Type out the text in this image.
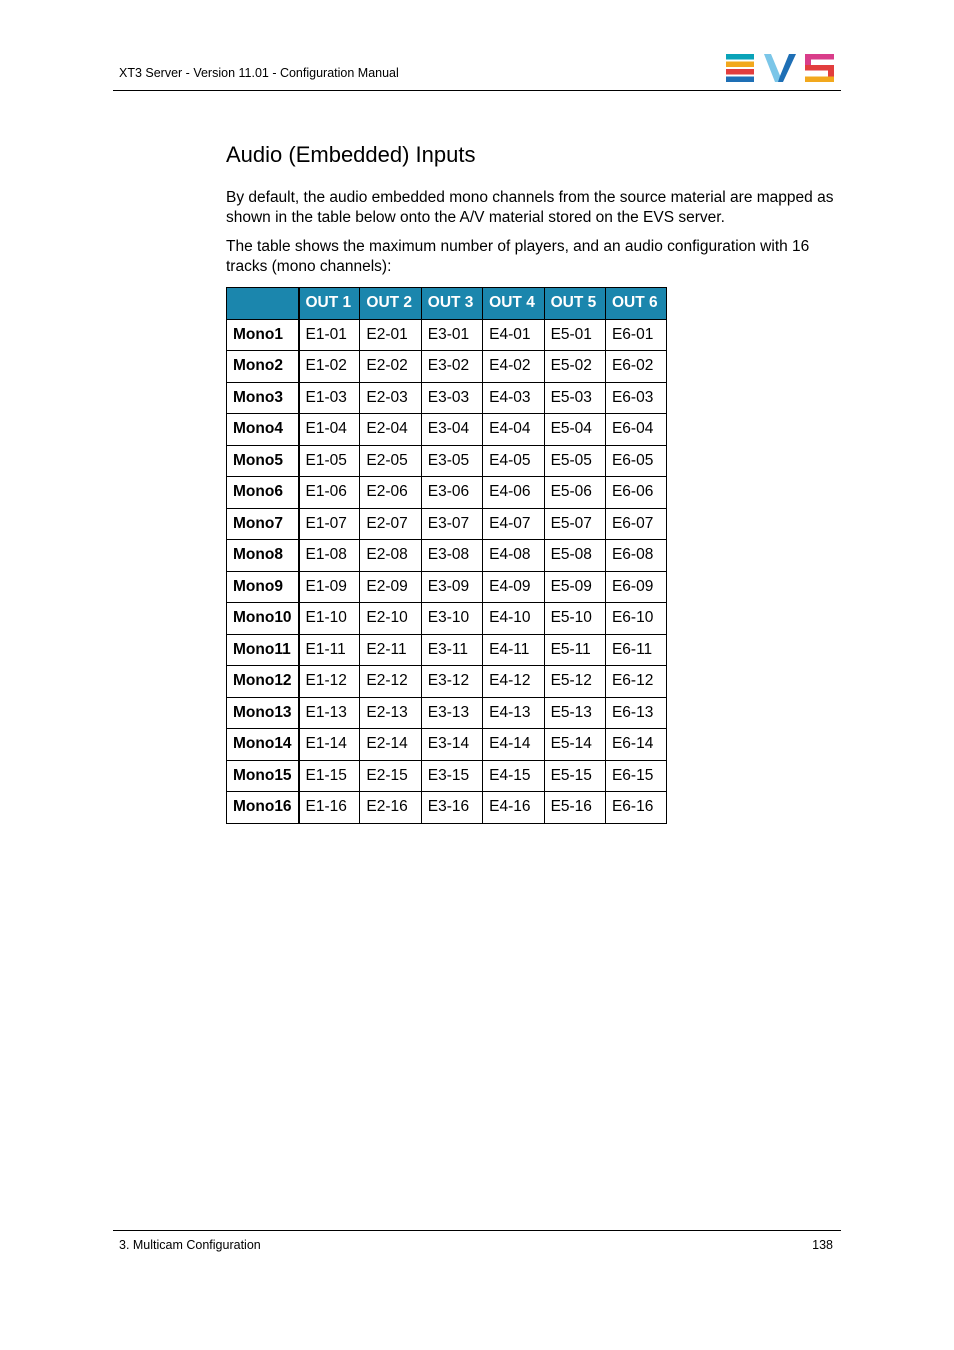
XT3 Server - Version 11.01 - Configuration Manual
Audio (Embedded) Inputs

By default, the audio embedded mono channels from the source material are mapped as shown in the table below onto the A/V material stored on the EVS server.

The table shows the maximum number of players, and an audio configuration with 16 tracks (mono channels):

	OUT 1	OUT 2	OUT 3	OUT 4	OUT 5	OUT 6
Mono1	E1-01	E2-01	E3-01	E4-01	E5-01	E6-01
Mono2	E1-02	E2-02	E3-02	E4-02	E5-02	E6-02
Mono3	E1-03	E2-03	E3-03	E4-03	E5-03	E6-03
Mono4	E1-04	E2-04	E3-04	E4-04	E5-04	E6-04
Mono5	E1-05	E2-05	E3-05	E4-05	E5-05	E6-05
Mono6	E1-06	E2-06	E3-06	E4-06	E5-06	E6-06
Mono7	E1-07	E2-07	E3-07	E4-07	E5-07	E6-07
Mono8	E1-08	E2-08	E3-08	E4-08	E5-08	E6-08
Mono9	E1-09	E2-09	E3-09	E4-09	E5-09	E6-09
Mono10	E1-10	E2-10	E3-10	E4-10	E5-10	E6-10
Mono11	E1-11	E2-11	E3-11	E4-11	E5-11	E6-11
Mono12	E1-12	E2-12	E3-12	E4-12	E5-12	E6-12
Mono13	E1-13	E2-13	E3-13	E4-13	E5-13	E6-13
Mono14	E1-14	E2-14	E3-14	E4-14	E5-14	E6-14
Mono15	E1-15	E2-15	E3-15	E4-15	E5-15	E6-15
Mono16	E1-16	E2-16	E3-16	E4-16	E5-16	E6-16
3. Multicam Configuration	138
